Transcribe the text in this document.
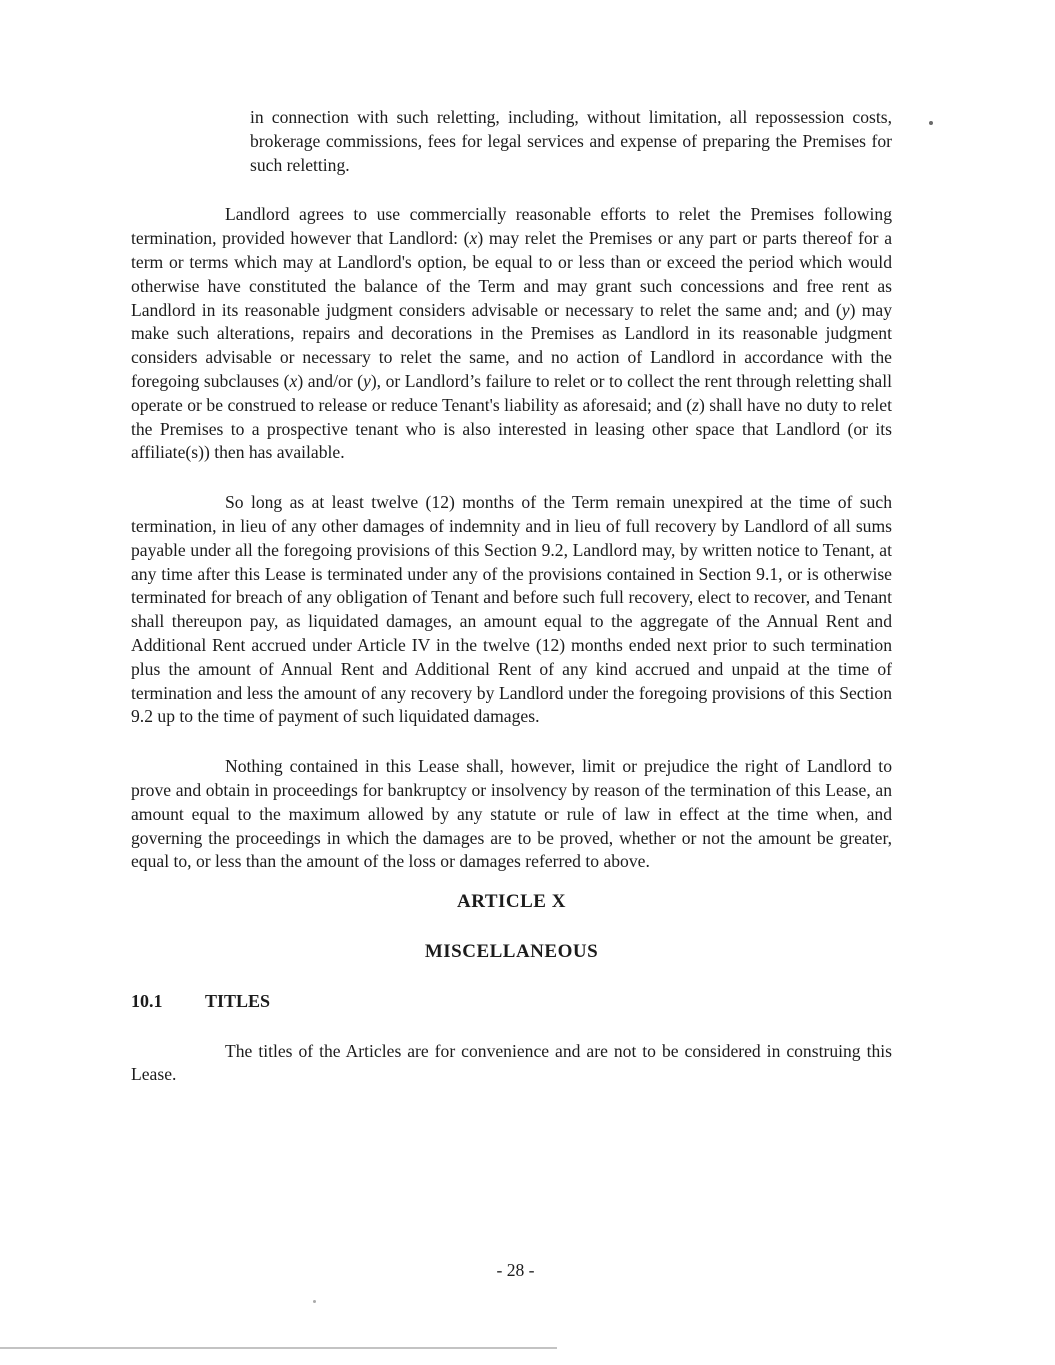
in connection with such reletting, including, without limitation, all repossession costs, brokerage commissions, fees for legal services and expense of preparing the Premises for such reletting.
Landlord agrees to use commercially reasonable efforts to relet the Premises following termination, provided however that Landlord: (x) may relet the Premises or any part or parts thereof for a term or terms which may at Landlord's option, be equal to or less than or exceed the period which would otherwise have constituted the balance of the Term and may grant such concessions and free rent as Landlord in its reasonable judgment considers advisable or necessary to relet the same and; and (y) may make such alterations, repairs and decorations in the Premises as Landlord in its reasonable judgment considers advisable or necessary to relet the same, and no action of Landlord in accordance with the foregoing subclauses (x) and/or (y), or Landlord’s failure to relet or to collect the rent through reletting shall operate or be construed to release or reduce Tenant's liability as aforesaid; and (z) shall have no duty to relet the Premises to a prospective tenant who is also interested in leasing other space that Landlord (or its affiliate(s)) then has available.
So long as at least twelve (12) months of the Term remain unexpired at the time of such termination, in lieu of any other damages of indemnity and in lieu of full recovery by Landlord of all sums payable under all the foregoing provisions of this Section 9.2, Landlord may, by written notice to Tenant, at any time after this Lease is terminated under any of the provisions contained in Section 9.1, or is otherwise terminated for breach of any obligation of Tenant and before such full recovery, elect to recover, and Tenant shall thereupon pay, as liquidated damages, an amount equal to the aggregate of the Annual Rent and Additional Rent accrued under Article IV in the twelve (12) months ended next prior to such termination plus the amount of Annual Rent and Additional Rent of any kind accrued and unpaid at the time of termination and less the amount of any recovery by Landlord under the foregoing provisions of this Section 9.2 up to the time of payment of such liquidated damages.
Nothing contained in this Lease shall, however, limit or prejudice the right of Landlord to prove and obtain in proceedings for bankruptcy or insolvency by reason of the termination of this Lease, an amount equal to the maximum allowed by any statute or rule of law in effect at the time when, and governing the proceedings in which the damages are to be proved, whether or not the amount be greater, equal to, or less than the amount of the loss or damages referred to above.
ARTICLE X
MISCELLANEOUS
10.1 TITLES
The titles of the Articles are for convenience and are not to be considered in construing this Lease.
- 28 -
